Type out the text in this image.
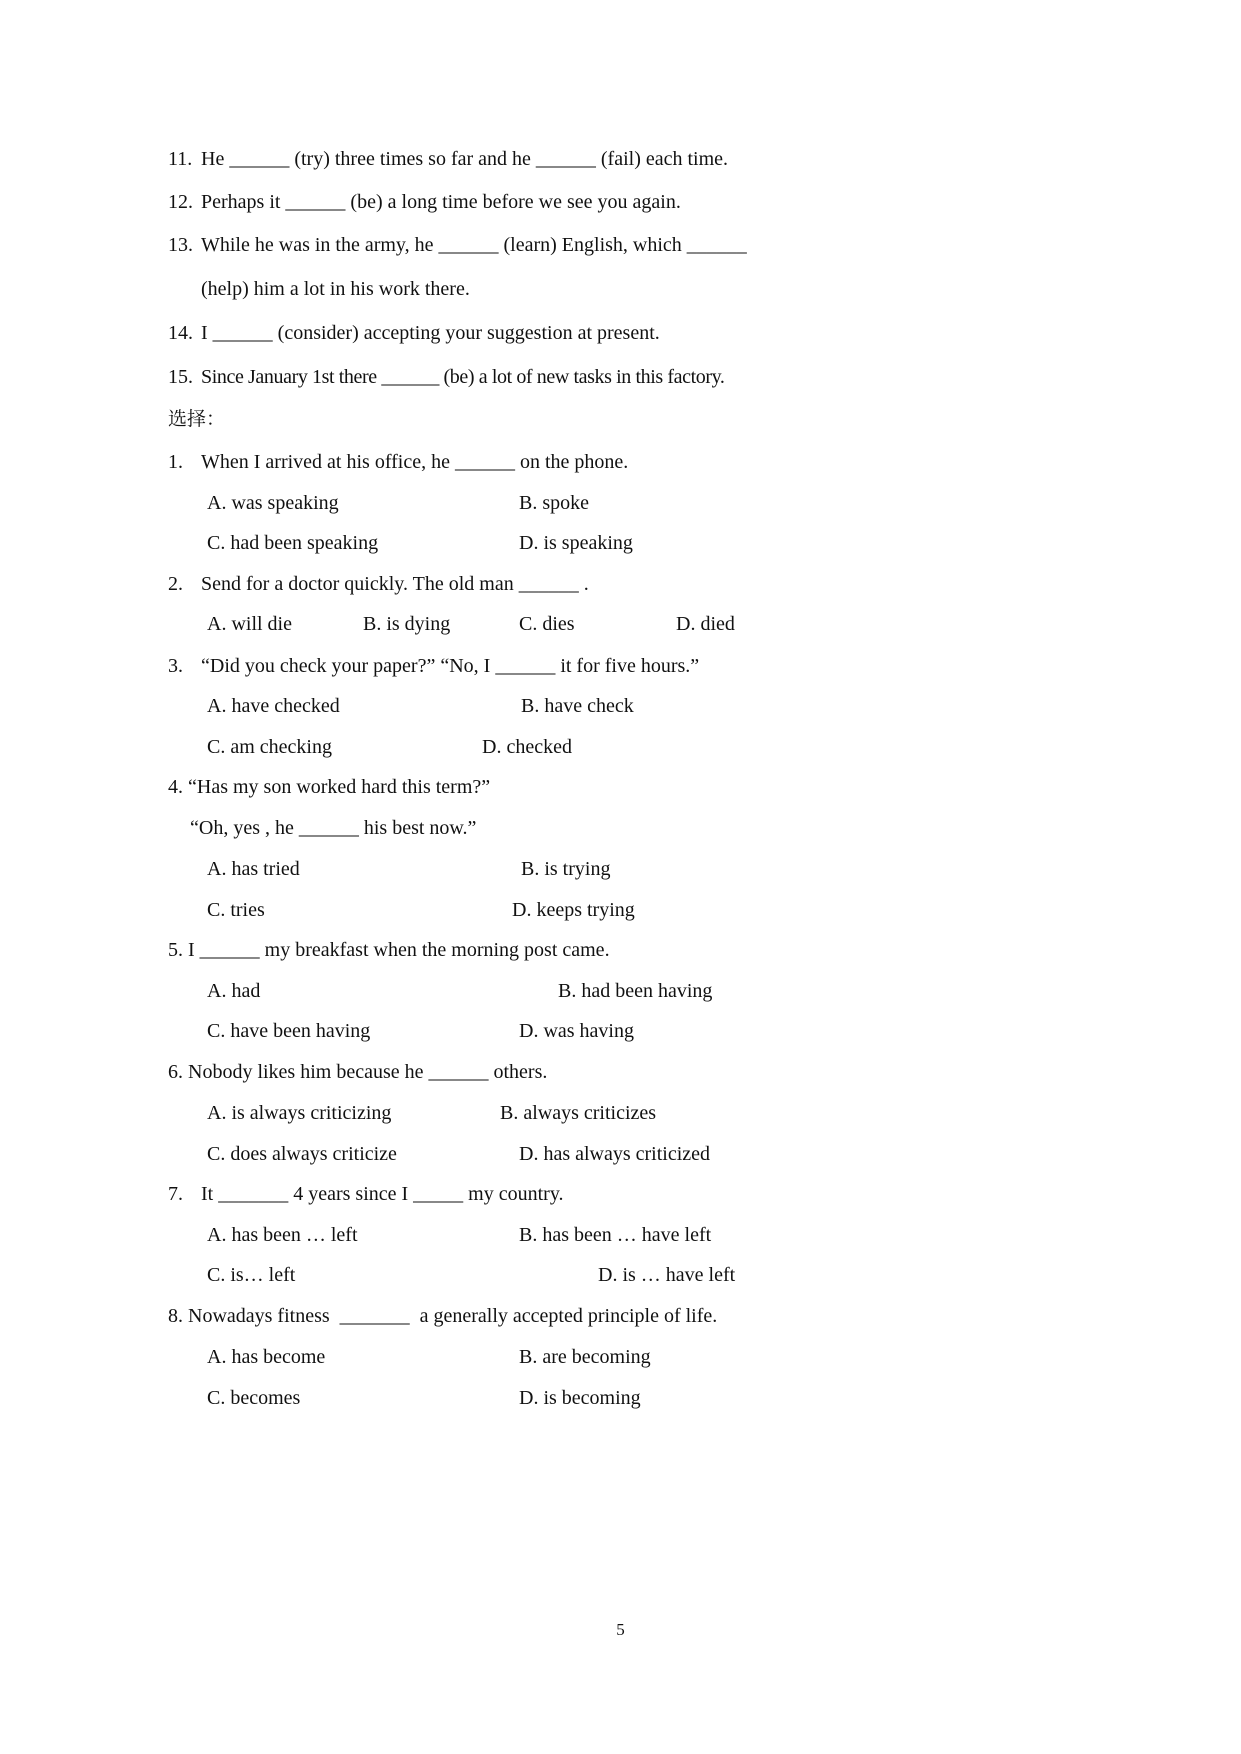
11. He ______ (try) three times so far and he ______ (fail) each time.
12. Perhaps it ______ (be) a long time before we see you again.
13. While he was in the army, he ______ (learn) English, which ______
(help) him a lot in his work there.
14. I ______ (consider) accepting your suggestion at present.
15. Since January 1st there ______ (be) a lot of new tasks in this factory.
选择：
1. When I arrived at his office, he ______ on the phone.
A. was speaking	B. spoke
C. had been speaking	D. is speaking
2. Send for a doctor quickly. The old man ______ .
A. will die	B. is dying	C. dies	D. died
3. “Did you check your paper?” “No, I ______ it for five hours.”
A. have checked	B. have check
C. am checking	D. checked
4. “Has my son worked hard this term?”
“Oh, yes , he ______ his best now.”
A. has tried	B. is trying
C. tries	D. keeps trying
5. I ______ my breakfast when the morning post came.
A. had	B. had been having
C. have been having	D. was having
6. Nobody likes him because he ______ others.
A. is always criticizing	B. always criticizes
C. does always criticize	D. has always criticized
7. It _______ 4 years since I _____ my country.
A. has been … left	B. has been … have left
C. is… left	D. is … have left
8. Nowadays fitness  _______  a generally accepted principle of life.
A. has become	B. are becoming
C. becomes	D. is becoming
5
